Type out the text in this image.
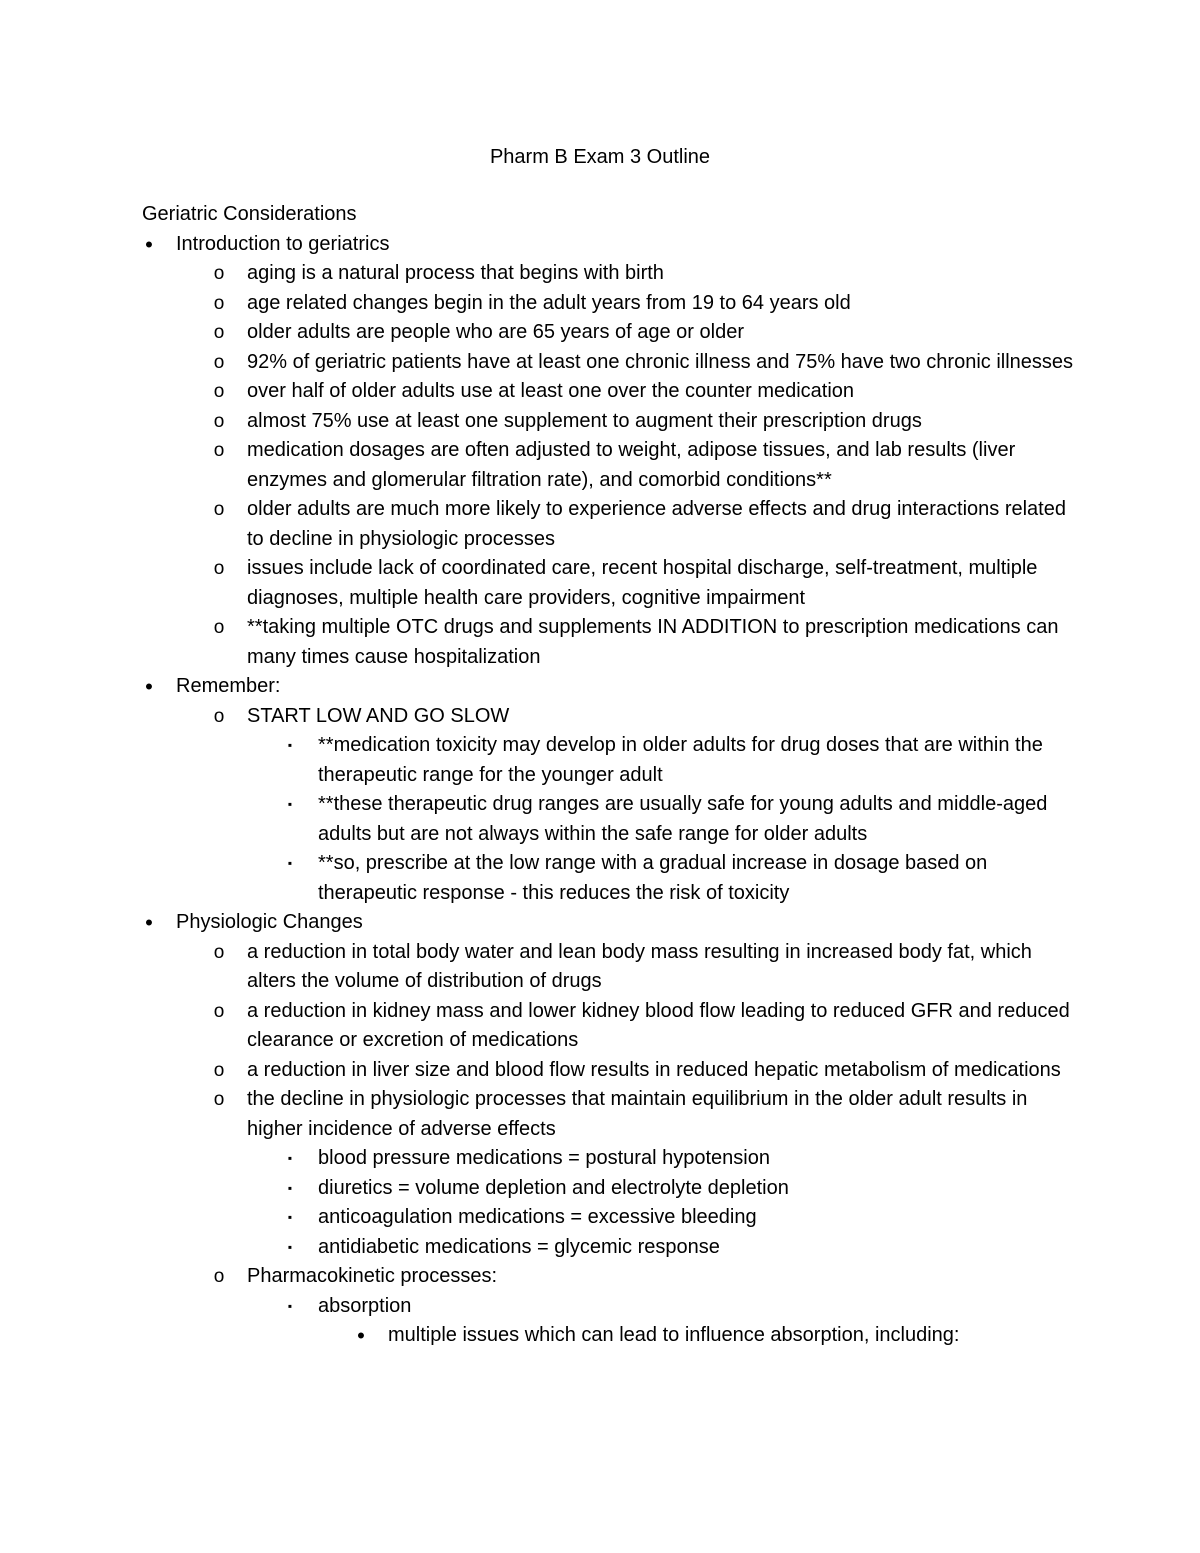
Pharm B Exam 3 Outline
Geriatric Considerations
• Introduction to geriatrics
o aging is a natural process that begins with birth
o age related changes begin in the adult years from 19 to 64 years old
o older adults are people who are 65 years of age or older
o 92% of geriatric patients have at least one chronic illness and 75% have two chronic illnesses
o over half of older adults use at least one over the counter medication
o almost 75% use at least one supplement to augment their prescription drugs
o medication dosages are often adjusted to weight, adipose tissues, and lab results (liver enzymes and glomerular filtration rate), and comorbid conditions**
o older adults are much more likely to experience adverse effects and drug interactions related to decline in physiologic processes
o issues include lack of coordinated care, recent hospital discharge, self-treatment, multiple diagnoses, multiple health care providers, cognitive impairment
o **taking multiple OTC drugs and supplements IN ADDITION to prescription medications can many times cause hospitalization
• Remember:
o START LOW AND GO SLOW
▪ **medication toxicity may develop in older adults for drug doses that are within the therapeutic range for the younger adult
▪ **these therapeutic drug ranges are usually safe for young adults and middle-aged adults but are not always within the safe range for older adults
▪ **so, prescribe at the low range with a gradual increase in dosage based on therapeutic response - this reduces the risk of toxicity
• Physiologic Changes
o a reduction in total body water and lean body mass resulting in increased body fat, which alters the volume of distribution of drugs
o a reduction in kidney mass and lower kidney blood flow leading to reduced GFR and reduced clearance or excretion of medications
o a reduction in liver size and blood flow results in reduced hepatic metabolism of medications
o the decline in physiologic processes that maintain equilibrium in the older adult results in higher incidence of adverse effects
▪ blood pressure medications = postural hypotension
▪ diuretics = volume depletion and electrolyte depletion
▪ anticoagulation medications = excessive bleeding
▪ antidiabetic medications = glycemic response
o Pharmacokinetic processes:
▪ absorption
• multiple issues which can lead to influence absorption, including:
